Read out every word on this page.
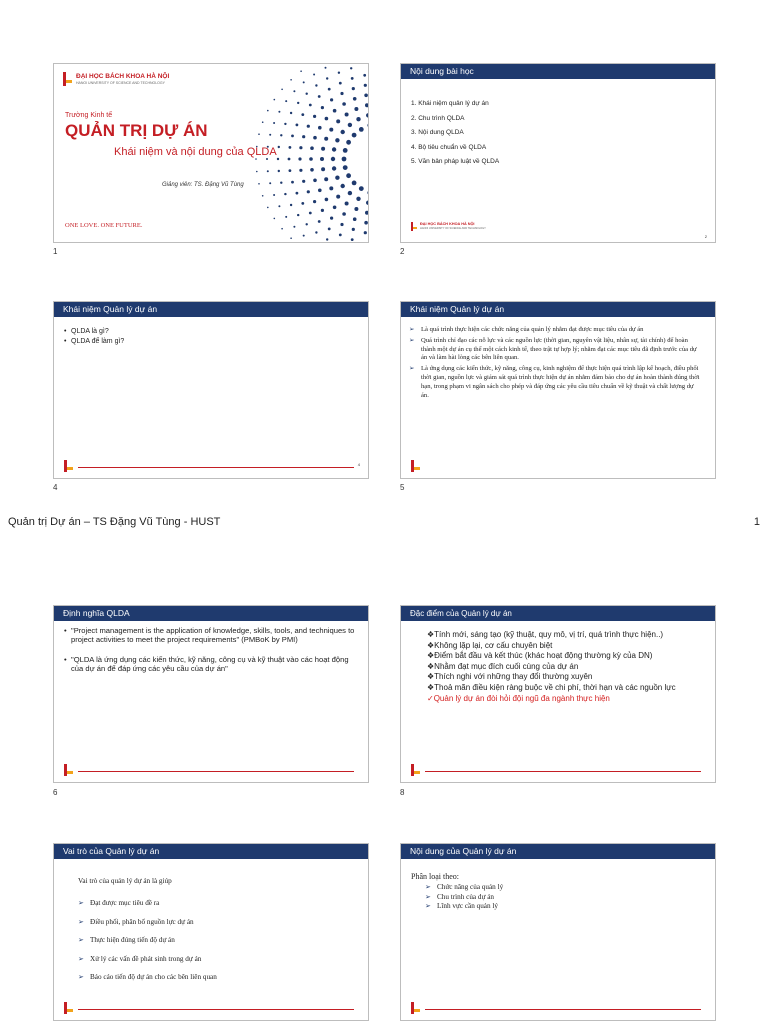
ĐẠI HỌC BÁCH KHOA HÀ NỘI
HANOI UNIVERSITY OF SCIENCE AND TECHNOLOGY
Trường Kinh tế
QUẢN TRỊ DỰ ÁN
Khái niệm và nội dung của QLDA
Giảng viên: TS. Đặng Vũ Tùng
ONE LOVE. ONE FUTURE.
1
Nội dung bài học
1. Khái niệm quản lý dự án
2. Chu trình QLDA
3. Nội dung QLDA
4. Bộ tiêu chuẩn về QLDA
5. Văn bản pháp luật về QLDA
ĐẠI HỌC BÁCH KHOA HÀ NỘI
HANOI UNIVERSITY OF SCIENCE AND TECHNOLOGY
2
2
Khái niệm Quản lý dự án
• QLDA là gì?
• QLDA để làm gì?
4
4
Khái niệm Quản lý dự án
➢ Là quá trình thực hiện các chức năng của quản lý nhằm đạt được mục tiêu của dự án
➢ Quá trình chỉ đạo các nỗ lực và các nguồn lực (thời gian, nguyên vật liệu, nhân sự, tài chính) để hoàn thành một dự án cụ thể một cách kinh tế, theo trật tự hợp lý; nhằm đạt các mục tiêu đã định trước của dự án và làm hài lòng các bên liên quan.
➢ Là ứng dụng các kiến thức, kỹ năng, công cụ, kinh nghiệm để thực hiện quá trình lập kế hoạch, điều phối thời gian, nguồn lực và giám sát quá trình thực hiện dự án nhằm đảm bảo cho dự án hoàn thành đúng thời hạn, trong phạm vi ngân sách cho phép và đáp ứng các yêu cầu tiêu chuẩn về kỹ thuật và chất lượng dự án.
5
Quản trị Dự án – TS Đặng Vũ Tùng - HUST	1
Định nghĩa QLDA
• "Project management is the application of knowledge, skills, tools, and techniques to project activities to meet the project requirements" (PMBoK by PMI)
• "QLDA là ứng dụng các kiến thức, kỹ năng, công cụ và kỹ thuật vào các hoạt động của dự án để đáp ứng các yêu cầu của dự án"
6
Đặc điểm của Quản lý dự án
❖Tính mới, sáng tạo (kỹ thuật, quy mô, vị trí, quá trình thực hiện..)
❖Không lặp lại, cơ cấu chuyên biệt
❖Điểm bắt đầu và kết thúc (khác hoạt động thường kỳ của DN)
❖Nhằm đạt mục đích cuối cùng của dự án
❖Thích nghi với những thay đổi thường xuyên
❖Thoả mãn điều kiện ràng buộc về chi phí, thời hạn và các nguồn lực
✓Quản lý dự án đòi hỏi đội ngũ đa ngành thực hiện
8
Vai trò của Quản lý dự án
Vai trò của quản lý dự án là giúp
➢ Đạt được mục tiêu đề ra
➢ Điều phối, phân bổ nguồn lực dự án
➢ Thực hiện đúng tiến độ dự án
➢ Xử lý các vấn đề phát sinh trong dự án
➢ Báo cáo tiến độ dự án cho các bên liên quan
Nội dung của Quản lý dự án
Phân loại theo:
➢ Chức năng của quản lý
➢ Chu trình của dự án
➢ Lĩnh vực cần quản lý
